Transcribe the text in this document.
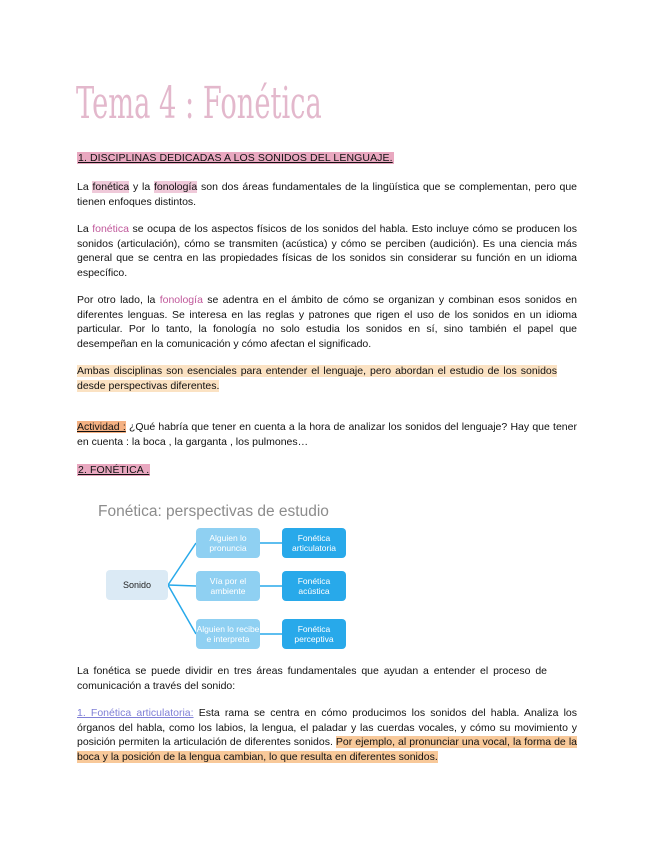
Tema 4 : Fonética
1. DISCIPLINAS DEDICADAS A LOS SONIDOS DEL LENGUAJE.

La fonética y la fonología son dos áreas fundamentales de la lingüística que se complementan, pero que tienen enfoques distintos.

La fonética se ocupa de los aspectos físicos de los sonidos del habla. Esto incluye cómo se producen los sonidos (articulación), cómo se transmiten (acústica) y cómo se perciben (audición). Es una ciencia más general que se centra en las propiedades físicas de los sonidos sin considerar su función en un idioma específico.

Por otro lado, la fonología se adentra en el ámbito de cómo se organizan y combinan esos sonidos en diferentes lenguas. Se interesa en las reglas y patrones que rigen el uso de los sonidos en un idioma particular. Por lo tanto, la fonología no solo estudia los sonidos en sí, sino también el papel que desempeñan en la comunicación y cómo afectan el significado.

Ambas disciplinas son esenciales para entender el lenguaje, pero abordan el estudio de los sonidos desde perspectivas diferentes.

Actividad : ¿Qué habría que tener en cuenta a la hora de analizar los sonidos del lenguaje? Hay que tener en cuenta : la boca , la garganta , los pulmones…

2. FONÉTICA .
Fonética: perspectivas de estudio
Sonido
Alguien lo pronuncia
Vía por el ambiente
Alguien lo recibe e interpreta
Fonética articulatoria
Fonética acústica
Fonética perceptiva

La fonética se puede dividir en tres áreas fundamentales que ayudan a entender el proceso de comunicación a través del sonido:

1. Fonética articulatoria: Esta rama se centra en cómo producimos los sonidos del habla. Analiza los órganos del habla, como los labios, la lengua, el paladar y las cuerdas vocales, y cómo su movimiento y posición permiten la articulación de diferentes sonidos. Por ejemplo, al pronunciar una vocal, la forma de la boca y la posición de la lengua cambian, lo que resulta en diferentes sonidos.
